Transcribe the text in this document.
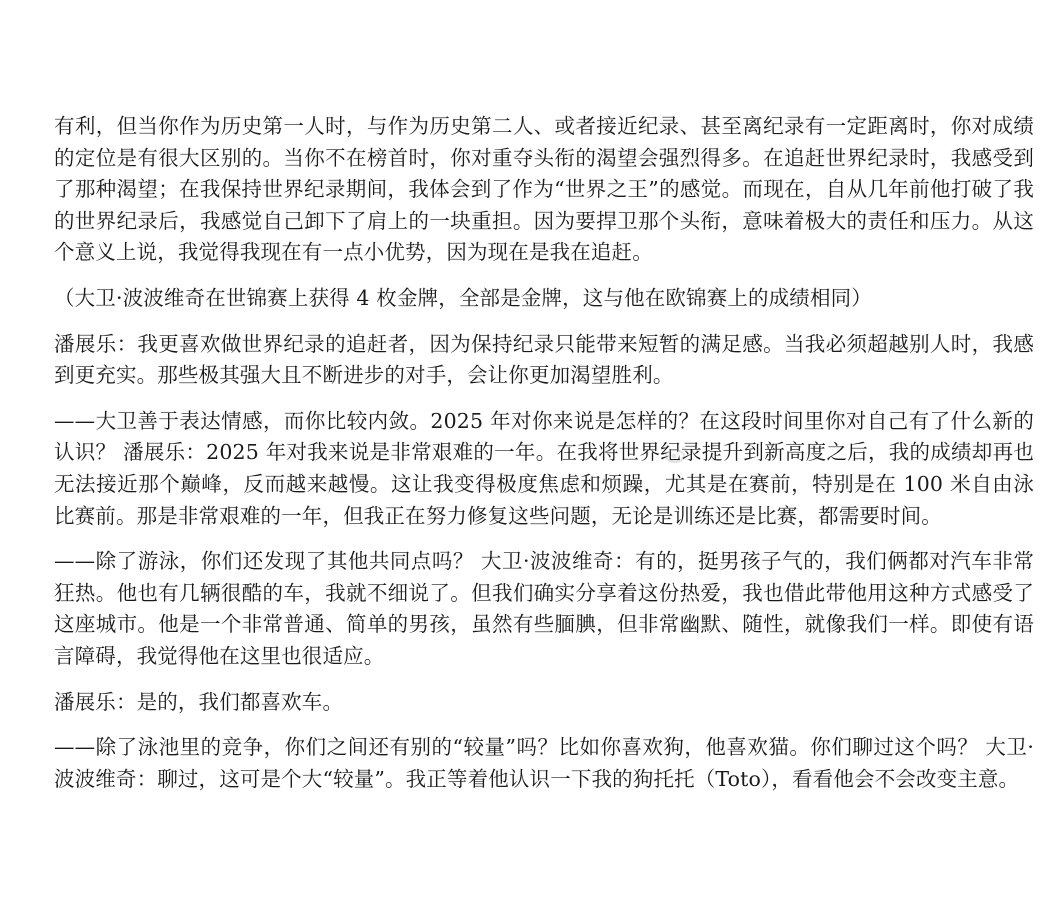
有利，但当你作为历史第一人时，与作为历史第二人、或者接近纪录、甚至离纪录有一定距离时，你对成绩的定位是有很大区别的。当你不在榜首时，你对重夺头衔的渴望会强烈得多。在追赶世界纪录时，我感受到了那种渴望；在我保持世界纪录期间，我体会到了作为“世界之王”的感觉。而现在，自从几年前他打破了我的世界纪录后，我感觉自己卸下了肩上的一块重担。因为要捍卫那个头衔，意味着极大的责任和压力。从这个意义上说，我觉得我现在有一点小优势，因为现在是我在追赶。

（大卫·波波维奇在世锦赛上获得 4 枚金牌，全部是金牌，这与他在欧锦赛上的成绩相同）

潘展乐：我更喜欢做世界纪录的追赶者，因为保持纪录只能带来短暂的满足感。当我必须超越别人时，我感到更充实。那些极其强大且不断进步的对手，会让你更加渴望胜利。

——大卫善于表达情感，而你比较内敛。2025 年对你来说是怎样的？在这段时间里你对自己有了什么新的认识？ 潘展乐：2025 年对我来说是非常艰难的一年。在我将世界纪录提升到新高度之后，我的成绩却再也无法接近那个巅峰，反而越来越慢。这让我变得极度焦虑和烦躁，尤其是在赛前，特别是在 100 米自由泳比赛前。那是非常艰难的一年，但我正在努力修复这些问题，无论是训练还是比赛，都需要时间。

——除了游泳，你们还发现了其他共同点吗？ 大卫·波波维奇：有的，挺男孩子气的，我们俩都对汽车非常狂热。他也有几辆很酷的车，我就不细说了。但我们确实分享着这份热爱，我也借此带他用这种方式感受了这座城市。他是一个非常普通、简单的男孩，虽然有些腼腆，但非常幽默、随性，就像我们一样。即使有语言障碍，我觉得他在这里也很适应。

潘展乐：是的，我们都喜欢车。

——除了泳池里的竞争，你们之间还有别的“较量”吗？比如你喜欢狗，他喜欢猫。你们聊过这个吗？ 大卫·波波维奇：聊过，这可是个大“较量”。我正等着他认识一下我的狗托托（Toto），看看他会不会改变主意。
